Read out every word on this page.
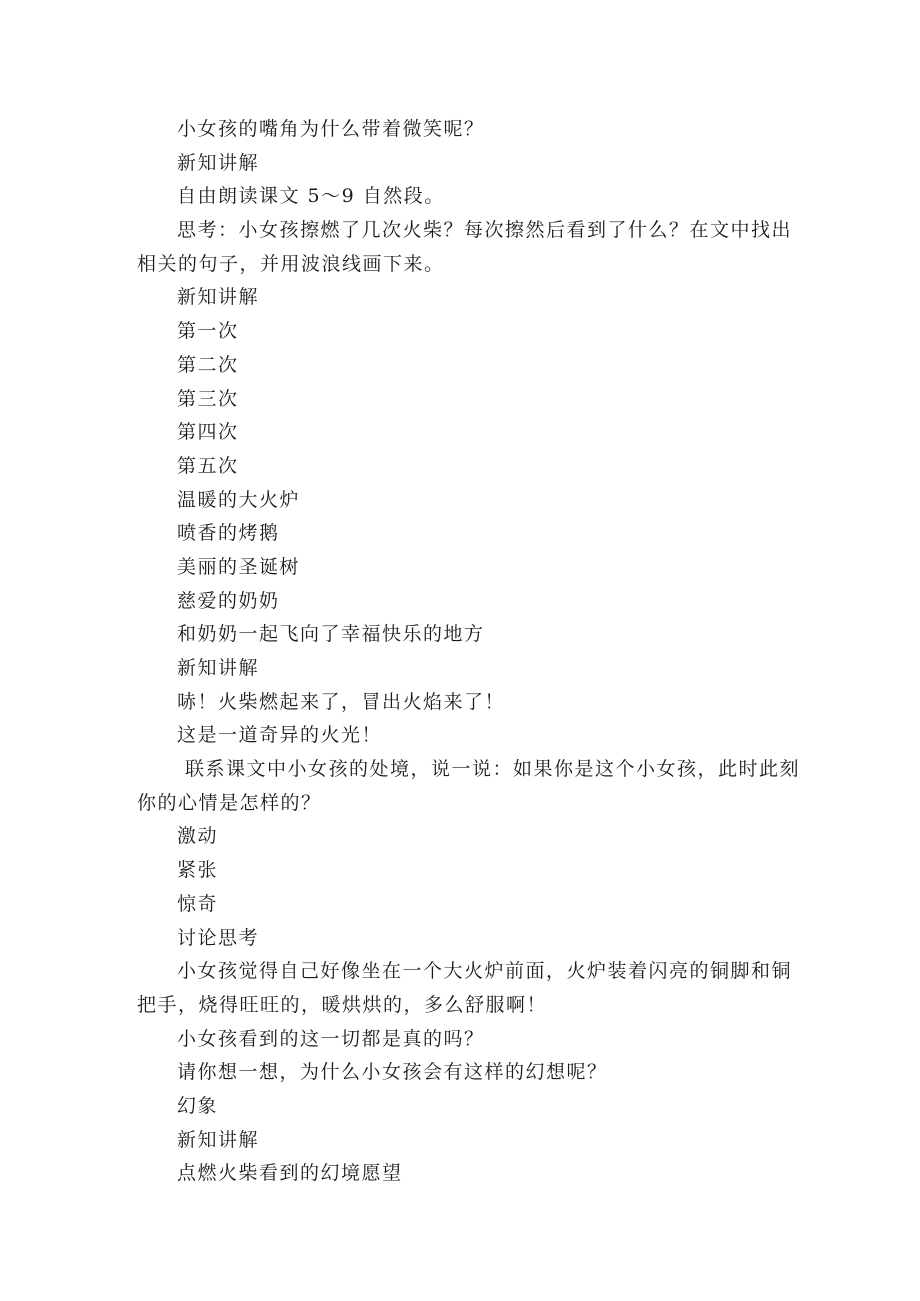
小女孩的嘴角为什么带着微笑呢？
新知讲解
自由朗读课文 5～9 自然段。
思考：小女孩擦燃了几次火柴？每次擦然后看到了什么？在文中找出
相关的句子，并用波浪线画下来。
新知讲解
第一次
第二次
第三次
第四次
第五次
温暖的大火炉
喷香的烤鹅
美丽的圣诞树
慈爱的奶奶
和奶奶一起飞向了幸福快乐的地方
新知讲解
哧！火柴燃起来了，冒出火焰来了！
这是一道奇异的火光！
联系课文中小女孩的处境，说一说：如果你是这个小女孩，此时此刻
你的心情是怎样的？
激动
紧张
惊奇
讨论思考
小女孩觉得自己好像坐在一个大火炉前面，火炉装着闪亮的铜脚和铜
把手，烧得旺旺的，暖烘烘的，多么舒服啊！
小女孩看到的这一切都是真的吗？
请你想一想，为什么小女孩会有这样的幻想呢？
幻象
新知讲解
点燃火柴看到的幻境愿望
